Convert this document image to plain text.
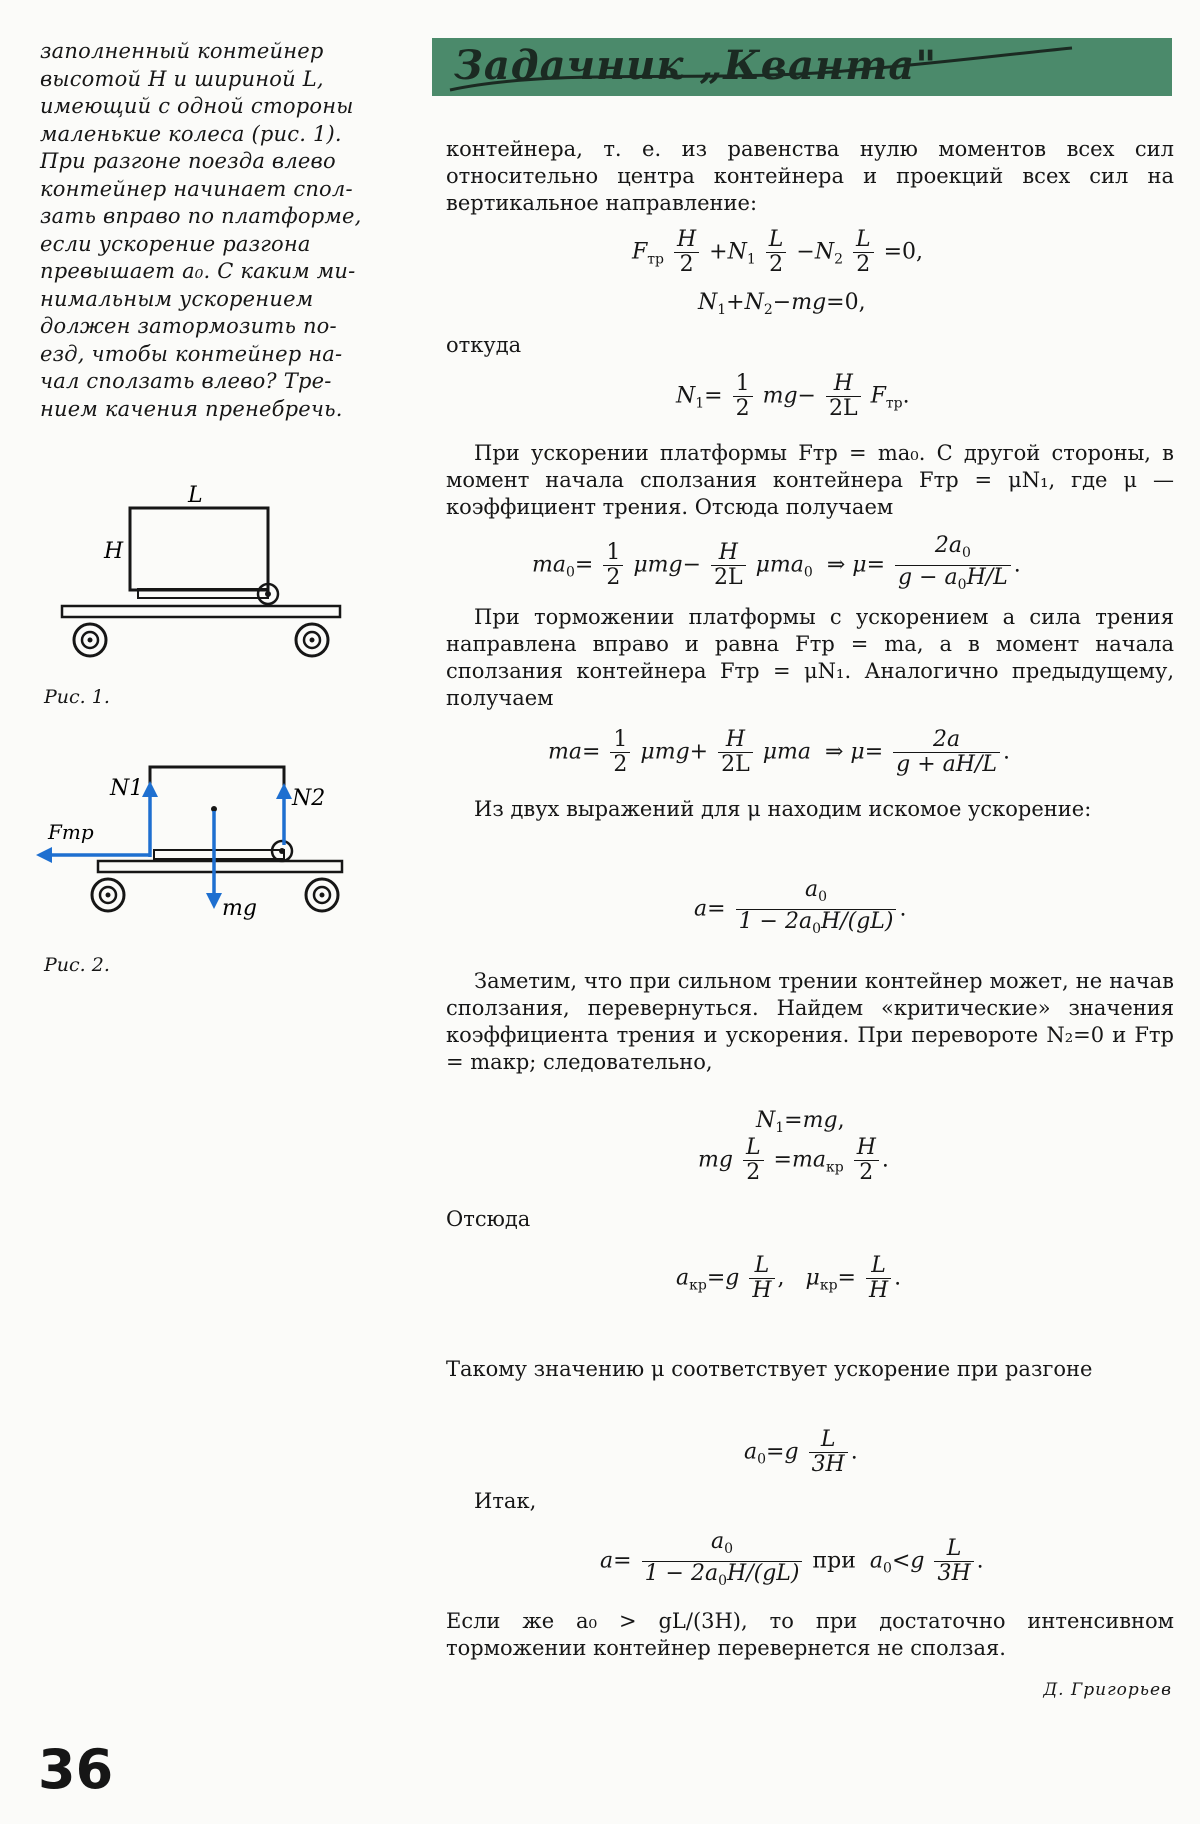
заполненный контейнер
высотой H и шириной L,
имеющий с одной стороны
маленькие колеса (рис. 1).
При разгоне поезда влево
контейнер начинает спол-
зать вправо по платформе,
если ускорение разгона
превышает a₀. С каким ми-
нимальным ускорением
должен затормозить по-
езд, чтобы контейнер на-
чал сползать влево? Тре-
нием качения пренебречь.
L
H
Рис. 1.
N1	N2
Fтр
mg
Рис. 2.
Задачник „Кванта"

контейнера, т. е. из равенства нулю моментов всех сил относительно центра контейнера и проекций всех сил на вертикальное направление:

$F_{тр} \frac{H}{2} +N_1 \frac{L}{2} -N_2 \frac{L}{2} =0$,
$N_1+N_2-mg=0$,

откуда

$N_1= \frac{1}{2} mg- \frac{H}{2L} F_{тр}$.

При ускорении платформы Fтр = ma₀. С другой стороны, в момент начала сползания контейнера Fтр = μN₁, где μ — коэффициент трения. Отсюда получаем

$ma_0= \frac{1}{2} \mu mg- \frac{H}{2L} \mu ma_0$  ⇒ $\mu= \frac{2a_0}{g - a_0H/L}$ .

При торможении платформы с ускорением a сила трения направлена вправо и равна Fтр = ma, а в момент начала сползания контейнера Fтр = μN₁. Аналогично предыдущему, получаем

$ma= \frac{1}{2} \mu mg+ \frac{H}{2L}$ μma  ⇒ $\mu= \frac{2a}{g + aH/L}$ .

Из двух выражений для μ находим искомое ускорение:

$a= \frac{a_0}{1 - 2a_0H/(gL)}$ .

Заметим, что при сильном трении контейнер может, не начав сползания, перевернуться. Найдем «критические» значения коэффициента трения и ускорения. При перевороте N₂=0 и Fтр = maкр; следовательно,

$N_1=mg$,
mg $\frac{L}{2} =ma_{кр} \frac{H}{2}$ .

Отсюда

$a_{кр}=g \frac{L}{H}$ ,   $\mu_{кр}= \frac{L}{H}$ .

Такому значению μ соответствует ускорение при разгоне

$a_0=g \frac{L}{3H}$ .

Итак,

$a= \frac{a_0}{1 - 2a_0H/(gL)}$ при $a_0<g \frac{L}{3H}$ .

Если же a₀ > gL/(3H), то при достаточно интенсивном торможении контейнер перевернется не сползая.

Д. Григорьев
36
